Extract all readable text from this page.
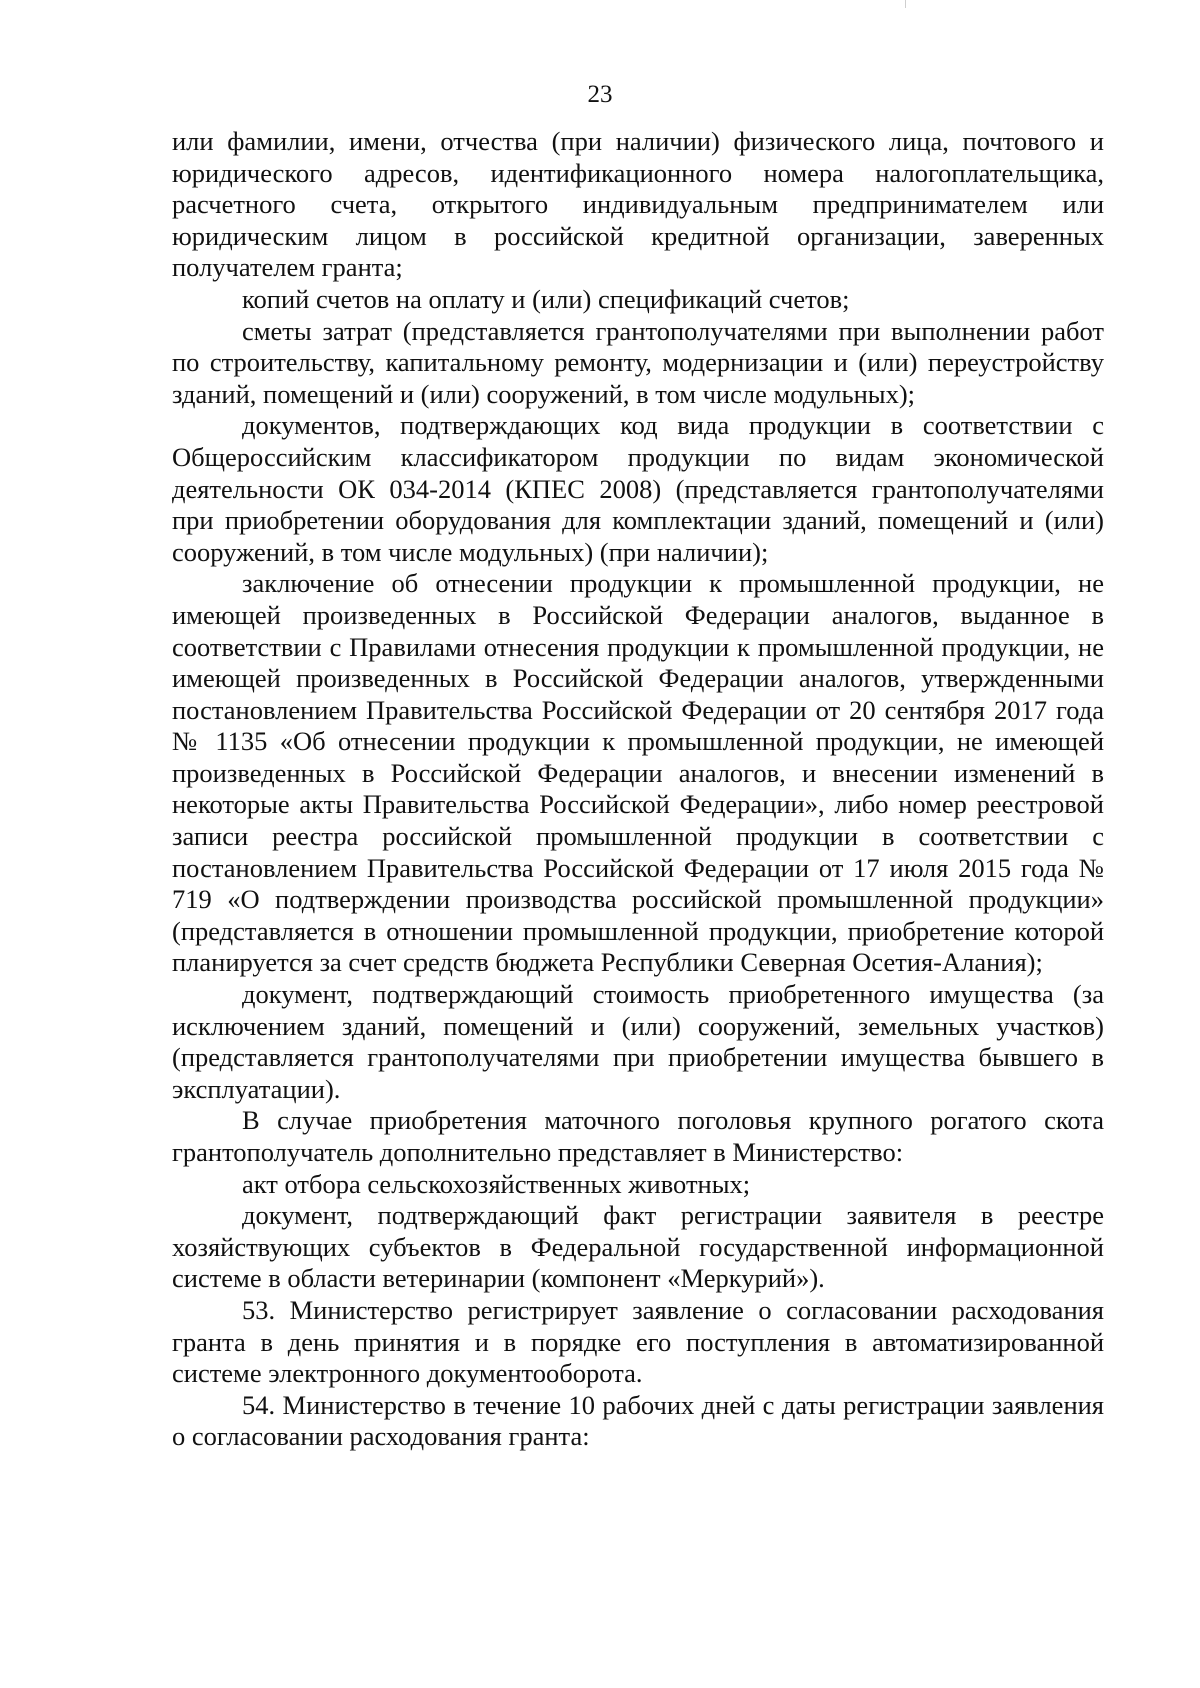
23

или фамилии, имени, отчества (при наличии) физического лица, почтового и юридического адресов, идентификационного номера налогоплательщика, расчетного счета, открытого индивидуальным предпринимателем или юридическим лицом в российской кредитной организации, заверенных получателем гранта;

копий счетов на оплату и (или) спецификаций счетов;

сметы затрат (представляется грантополучателями при выполнении работ по строительству, капитальному ремонту, модернизации и (или) переустройству зданий, помещений и (или) сооружений, в том числе модульных);

документов, подтверждающих код вида продукции в соответствии с Общероссийским классификатором продукции по видам экономической деятельности ОК 034-2014 (КПЕС 2008) (представляется грантополучателями при приобретении оборудования для комплектации зданий, помещений и (или) сооружений, в том числе модульных) (при наличии);

заключение об отнесении продукции к промышленной продукции, не имеющей произведенных в Российской Федерации аналогов, выданное в соответствии с Правилами отнесения продукции к промышленной продукции, не имеющей произведенных в Российской Федерации аналогов, утвержденными постановлением Правительства Российской Федерации от 20 сентября 2017 года № 1135 «Об отнесении продукции к промышленной продукции, не имеющей произведенных в Российской Федерации аналогов, и внесении изменений в некоторые акты Правительства Российской Федерации», либо номер реестровой записи реестра российской промышленной продукции в соответствии с постановлением Правительства Российской Федерации от 17 июля 2015 года № 719 «О подтверждении производства российской промышленной продукции» (представляется в отношении промышленной продукции, приобретение которой планируется за счет средств бюджета Республики Северная Осетия-Алания);

документ, подтверждающий стоимость приобретенного имущества (за исключением зданий, помещений и (или) сооружений, земельных участков) (представляется грантополучателями при приобретении имущества бывшего в эксплуатации).

В случае приобретения маточного поголовья крупного рогатого скота грантополучатель дополнительно представляет в Министерство:

акт отбора сельскохозяйственных животных;

документ, подтверждающий факт регистрации заявителя в реестре хозяйствующих субъектов в Федеральной государственной информационной системе в области ветеринарии (компонент «Меркурий»).

53. Министерство регистрирует заявление о согласовании расходования гранта в день принятия и в порядке его поступления в автоматизированной системе электронного документооборота.

54. Министерство в течение 10 рабочих дней с даты регистрации заявления о согласовании расходования гранта:
